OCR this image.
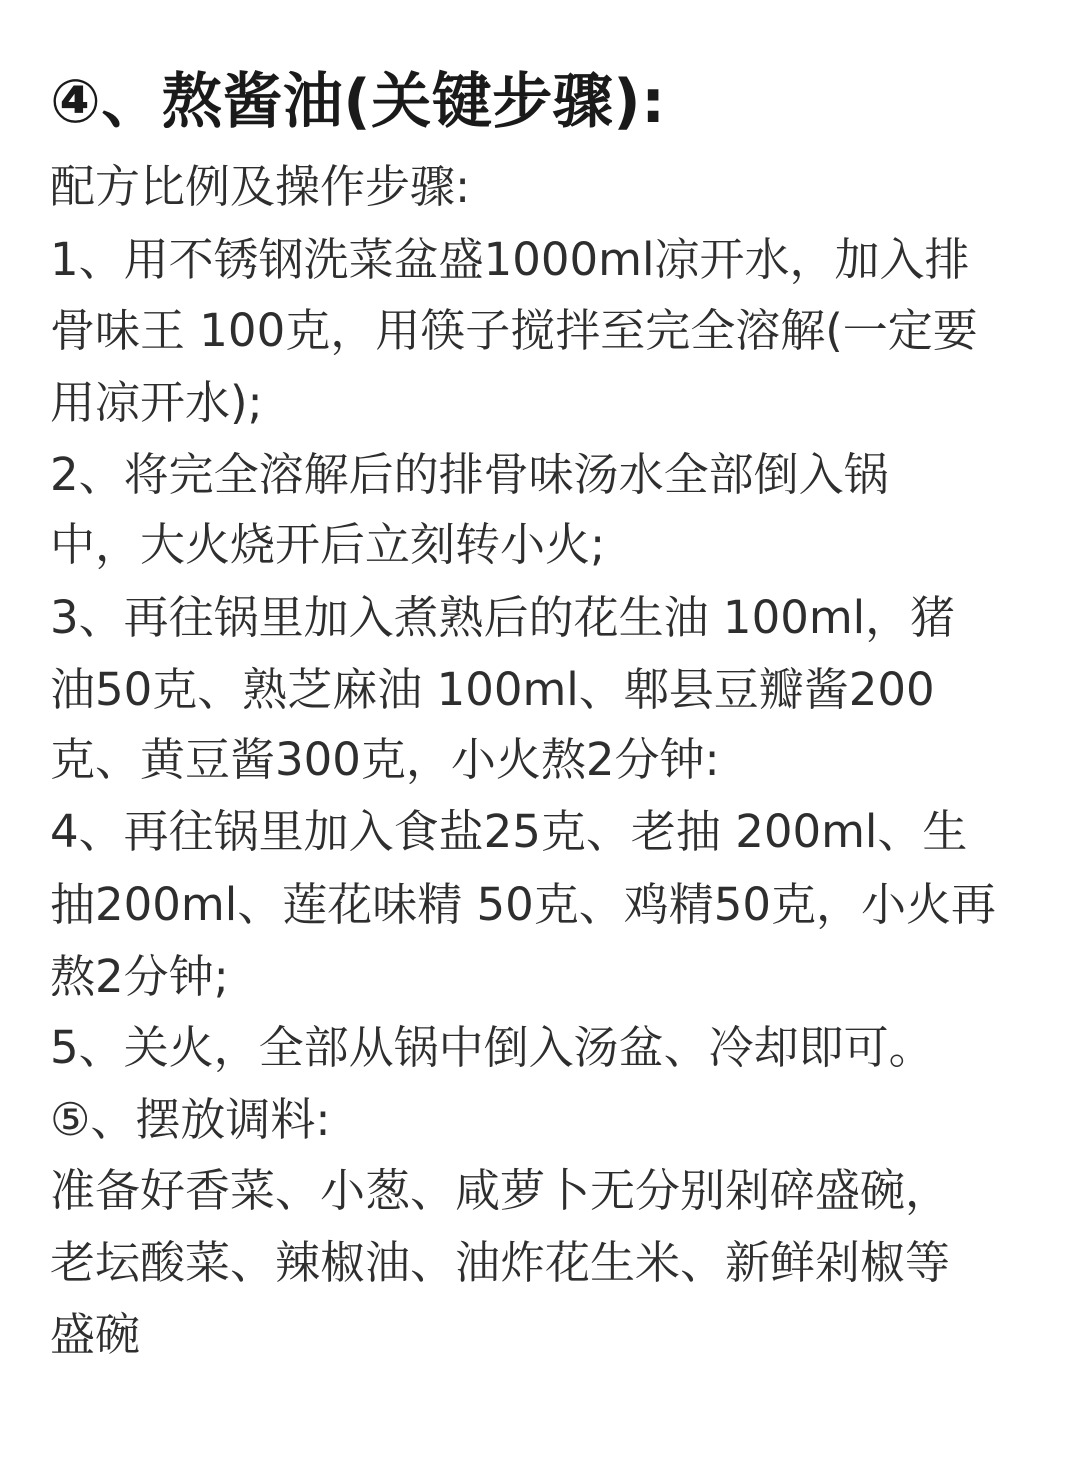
④、熬酱油(关键步骤):
配方比例及操作步骤:
1、用不锈钢洗菜盆盛1000ml凉开水，加入排
骨味王 100克，用筷子搅拌至完全溶解(一定要
用凉开水);
2、将完全溶解后的排骨味汤水全部倒入锅
中，大火烧开后立刻转小火;
3、再往锅里加入煮熟后的花生油 100ml，猪
油50克、熟芝麻油 100ml、郫县豆瓣酱200
克、黄豆酱300克，小火熬2分钟:
4、再往锅里加入食盐25克、老抽 200ml、生
抽200ml、莲花味精 50克、鸡精50克，小火再
熬2分钟;
5、关火，全部从锅中倒入汤盆、冷却即可。
⑤、摆放调料:
准备好香菜、小葱、咸萝卜无分别剁碎盛碗，
老坛酸菜、辣椒油、油炸花生米、新鲜剁椒等
盛碗
